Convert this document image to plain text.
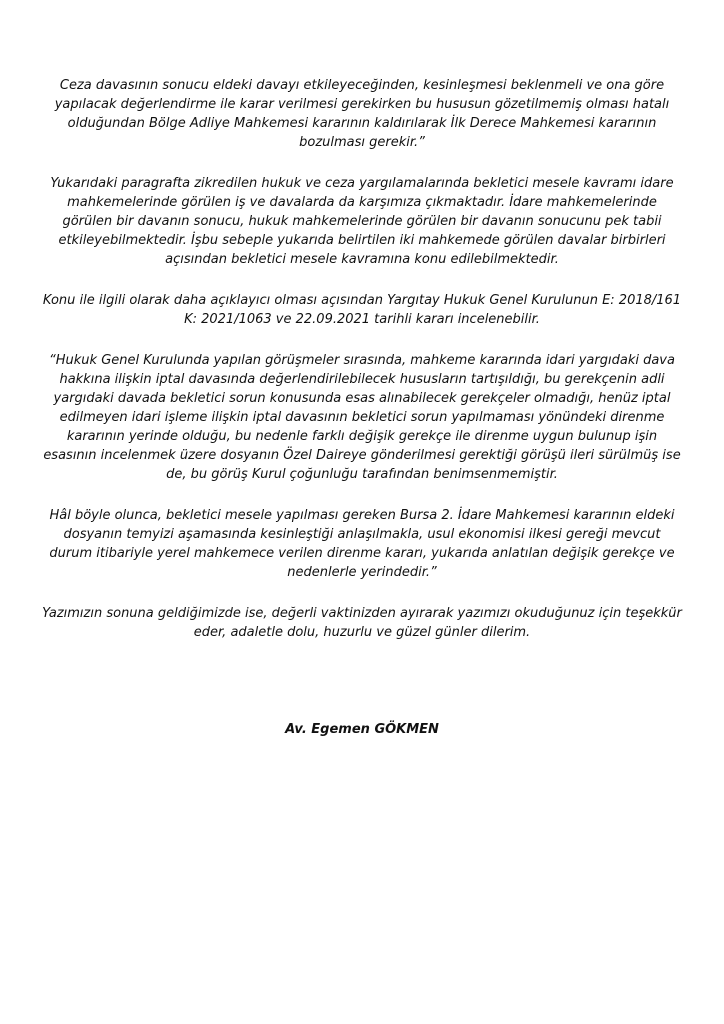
Ceza davasının sonucu eldeki davayı etkileyeceğinden, kesinleşmesi beklenmeli ve ona göre
yapılacak değerlendirme ile karar verilmesi gerekirken bu hususun gözetilmemiş olması hatalı
olduğundan Bölge Adliye Mahkemesi kararının kaldırılarak İlk Derece Mahkemesi kararının
bozulması gerekir.”

Yukarıdaki paragrafta zikredilen hukuk ve ceza yargılamalarında bekletici mesele kavramı idare
mahkemelerinde görülen iş ve davalarda da karşımıza çıkmaktadır. İdare mahkemelerinde
görülen bir davanın sonucu, hukuk mahkemelerinde görülen bir davanın sonucunu pek tabii
etkileyebilmektedir. İşbu sebeple yukarıda belirtilen iki mahkemede görülen davalar birbirleri
açısından bekletici mesele kavramına konu edilebilmektedir.

Konu ile ilgili olarak daha açıklayıcı olması açısından Yargıtay Hukuk Genel Kurulunun E: 2018/161
K: 2021/1063 ve 22.09.2021 tarihli kararı incelenebilir.

“Hukuk Genel Kurulunda yapılan görüşmeler sırasında, mahkeme kararında idari yargıdaki dava
hakkına ilişkin iptal davasında değerlendirilebilecek hususların tartışıldığı, bu gerekçenin adli
yargıdaki davada bekletici sorun konusunda esas alınabilecek gerekçeler olmadığı, henüz iptal
edilmeyen idari işleme ilişkin iptal davasının bekletici sorun yapılmaması yönündeki direnme
kararının yerinde olduğu, bu nedenle farklı değişik gerekçe ile direnme uygun bulunup işin
esasının incelenmek üzere dosyanın Özel Daireye gönderilmesi gerektiği görüşü ileri sürülmüş ise
de, bu görüş Kurul çoğunluğu tarafından benimsenmemiştir.

Hâl böyle olunca, bekletici mesele yapılması gereken Bursa 2. İdare Mahkemesi kararının eldeki
dosyanın temyizi aşamasında kesinleştiği anlaşılmakla, usul ekonomisi ilkesi gereği mevcut
durum itibariyle yerel mahkemece verilen direnme kararı, yukarıda anlatılan değişik gerekçe ve
nedenlerle yerindedir.”

Yazımızın sonuna geldiğimizde ise, değerli vaktinizden ayırarak yazımızı okuduğunuz için teşekkür
eder, adaletle dolu, huzurlu ve güzel günler dilerim.

Av. Egemen GÖKMEN
